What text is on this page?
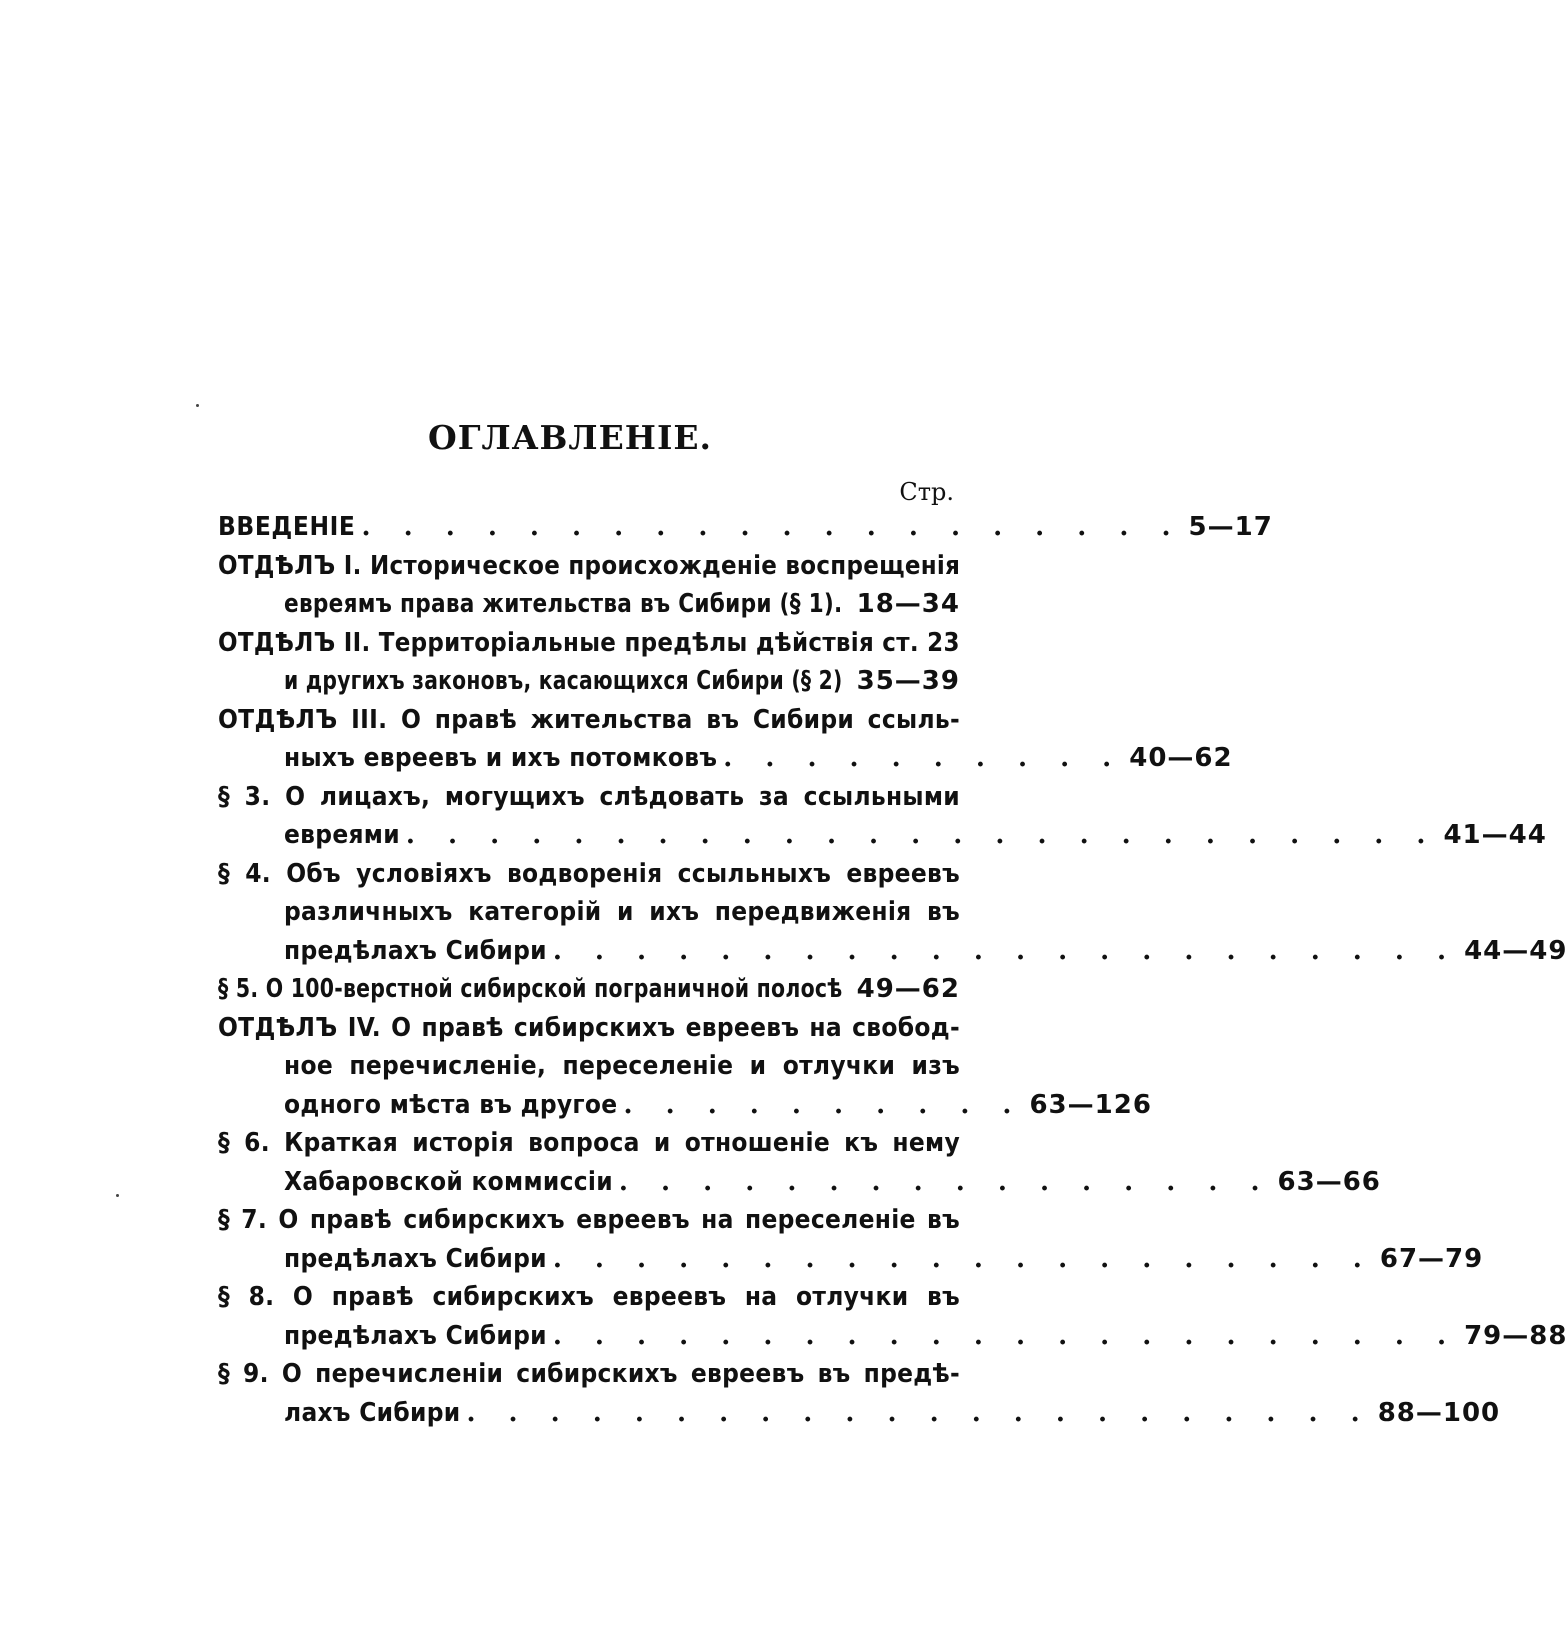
ОГЛАВЛЕНІЕ.
Стр.
ВВЕДЕНІЕ . . . . . . . . . . . . . . . . . . . . 5—17
ОТДѢЛЪ I. Историческое происхожденіе воспрещенія
евреямъ права жительства въ Сибири (§ 1). 18—34
ОТДѢЛЪ II. Территоріальные предѣлы дѣйствія ст. 23
и другихъ законовъ, касающихся Сибири (§ 2) 35—39
ОТДѢЛЪ III. О правѣ жительства въ Сибири ссыль-
ныхъ евреевъ и ихъ потомковъ . . . . . . . . . . 40—62
§ 3. О лицахъ, могущихъ слѣдовать за ссыльными
евреями . . . . . . . . . . . . . . . . . . . . . . . . . 41—44
§ 4. Объ условіяхъ водворенія ссыльныхъ евреевъ
различныхъ категорій и ихъ передвиженія въ
предѣлахъ Сибири . . . . . . . . . . . . . . . . . . . . . . 44—49
§ 5. О 100-верстной сибирской пограничной полосѣ 49—62
ОТДѢЛЪ IV. О правѣ сибирскихъ евреевъ на свобод-
ное перечисленіе, переселеніе и отлучки изъ
одного мѣста въ другое . . . . . . . . . . 63—126
§ 6. Краткая исторія вопроса и отношеніе къ нему
Хабаровской коммиссіи . . . . . . . . . . . . . . . . 63—66
§ 7. О правѣ сибирскихъ евреевъ на переселеніе въ
предѣлахъ Сибири . . . . . . . . . . . . . . . . . . . . 67—79
§ 8. О правѣ сибирскихъ евреевъ на отлучки въ
предѣлахъ Сибири . . . . . . . . . . . . . . . . . . . . . . 79—88
§ 9. О перечисленіи сибирскихъ евреевъ въ предѣ-
лахъ Сибири . . . . . . . . . . . . . . . . . . . . . . 88—100
